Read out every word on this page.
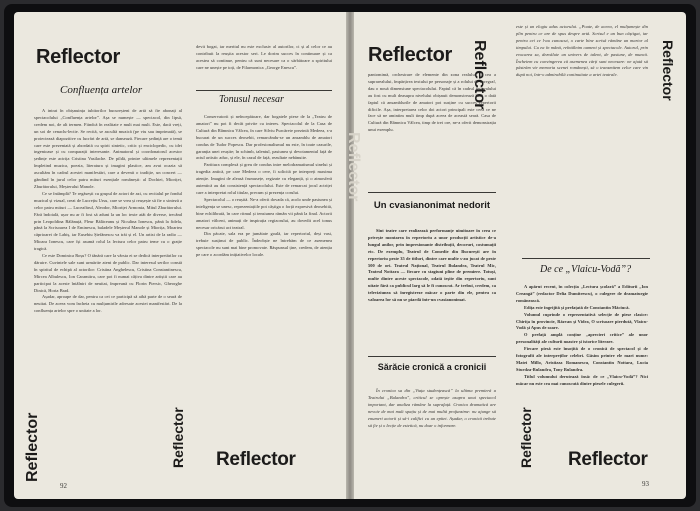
Reflector
Confluența artelor

A intrat în obișnuința iubitorilor bucureșteni de artă să fie abonați al spectacolului „Confluența artelor”. Așa se numește — spectacol, din lipsă, credem noi, de alt termen. Fiindcă în realitate e mult mai mult. Este, dacă vreți, un soi de cenaclu-lectie. Se recită, se ascultă muzică (pe viu sau imprimată), se proiectează diapozitive cu lucrări de artă, se dansează. Fiecare ședință are o temă care este prezentată și abordată cu spirit sintetic, critic și enciclopedic, cu idei ingenioase și cu comparații interesante. Animatorul și coordonatorul acestor ședințe este actrița Cristina Vasilache. De pildă, printre ultimele reprezentații împletind muzica, poezia, literatura și imagini plastice, am avut ocazia să ascultăm în cadrul acestei manifestări, care a devenit o tradiție, un concert — gândind în jurul celor patru mituri esențiale românești: al Dochiei, Mioriței, Zburătorului, Meșterului Manole.

Ce se întâmplă? Te regăsești cu grupul de actori de azi, cu recitalul pe fondul muzical și vizual, creat de Lucrețiu Ursu, care se vrea și reușește să fie o sinteză a celor patru mituri — Luceafărul, Aleodor, Mioriței Armonia, Mitul Zburătorului. Fără îndoială, ușor nu ar fi fost să aduni la un loc texte atât de diverse, trecând prin Leopoldina Bălănuță, Fleur Bălăceanu și Niculina Ionescu, până la fidela, până la Scrisoarea I de Eminescu, baladele Meșterul Manole și Miorița, Moartea căprioarei de Labiș, iar Eusebiu Ștefănescu va trăi și el. Un artist de la radio — Mioara Ionescu, care își asumă rolul la lectura celor patru teme cu o grație tragică.

Ce este Dominica Roșu? O tânără care la vârsta ei se dedică interpretărilor cu dăruire. Cuvintele sale sunt urmărite atent de public. Dar interesul serilor constă în spiritul de echipă al actorilor: Cristina Anghelescu, Cristina Constantinescu, Mircea Albulescu, Ion Caramitru, care pot fi numai câțiva dintre artiștii care au participat la aceste întâlniri de neuitat, împreună cu Florin Piersic, Gheorghe Dinică, Horia Brad.

Așadar, aproape de dar, pentru ca cei ce participă să aibă parte de o seară de neuitat. De aceea vom încheia cu mulțumirile adresate acestei manifestări. De la confluența artelor spre o unitate a lor.

devit bogat, iar meritul nu este exclusiv al autorilor, ci și al celor ce au contribuit la reușita acestor seri. Le dorim succes în continuare și ca acestea să continue, pentru că sunt necesare ca o sărbătoare a spiritului care ne unește pe toți, de Filarmonica „George Enescu”.

Tonusul necesar

Conservatorii și neîncepătoare, dar bogatele piese de la „Teatru de amatori” nu pot fi decât privite cu interes. Spectacolul de la Casa de Cultură din Râmnicu Vâlcea, în care Silviu Purcărete prezintă Medeea, s-a bucurat de un succes deosebit, remarcându-se un ansamblu de amatori condus de Tudor Popescu. Dar profesionalismul nu este, în toate cazurile, garanția unei reușite; în schimb, talentul, pasiunea și devotamentul față de actul artistic aduc, și ele, în cazul de față, rezultate nebănuite.

Partitura complexă și greu de condus intre melodramatismul sinelui și tragedia antică, pe care Medeea o cere, îi solicită pe interpreți maxima atenție. Imagini de aleasă frumusețe, regizate cu eleganță, și o atmosferă autentică au dat consistență spectacolului. Este de remarcat jocul actriței care a interpretat rolul titular, precum și prezența corului.

Spectacolul — o reușită. Ne-a oferit dovada că, acolo unde pasiunea și inteligența se unesc, reprezentațiile pot câștiga o forță expresivă deosebită, bine echilibrată, în care ritmul și tensiunea rămân vii până la final. Actorii amatori vâlceni, animați de inspirația regizorului, au dovedit acel tonus necesar oricărui act teatral.

Din păcate, sala era pe jumătate goală, iar repertoriul, deși vast, trebuie susținut de public. Îndeobște ne întrebăm de ce asemenea spectacole nu sunt mai bine promovate. Răspunsul ține, credem, de atenția pe care o acordăm inițiativelor locale.

Reflector	Reflector Reflector
92
Reflector
Reflector Reflector	Reflector

pantomimă, orchestrare de elemente din zona realului și cea a suprarealului, împărțirea textului pe personaje și a rolului de coregraf, dau o nouă dimensiune spectacolului. Faptul că în cadrul festivalului au fost cu mult deasupra nivelului obișnuit demonstrează încă o dată faptul că ansamblurile de amatori pot susține cu succes repertorii dificile. Așa, interpretarea celor doi actori principali este ceea ce ne face să ne amintim mult timp după aceea de această seară. Casa de Cultură din Râmnicu Vâlcea, timp de trei ore, ne-a oferit demonstrația unui exemplu.

Un cvasianonimat nedorit

Sînt teatre care realizează performanțe uimitoare în ceea ce privește montarea în repertoriu a unor producții artistice de-a lungul anilor, prin impresionante distribuții, decoruri, costumații etc. De exemplu, Teatrul de Comedie din București are în repertoriu peste 35 de titluri, dintre care multe s-au jucat de peste 500 de ori. Teatrul Național, Teatrul Bulandra, Teatrul Mic, Teatrul Nottara — fiecare cu stagiuni pline de premiere. Totuși, multe dintre aceste spectacole, odată ieșite din repertoriu, sunt uitate fără ca publicul larg să le fi cunoscut. Ar trebui, credem, ca televiziunea să înregistreze măcar o parte din ele, pentru ca valoarea lor să nu se piardă într-un cvasianonimat.

Sărăcie cronică a cronicii

În cronica sa din „Viața studențească” la ultima premieră a Teatrului „Bulandra”, criticul se oprește asupra unui spectacol important, dar analiza rămâne la suprafață. Cronica dramatică are nevoie de mai mult spațiu și de mai multă profunzime: nu ajunge să enumeri actorii și să-i califici cu un epitet. Așadar, o cronică trebuie să fie și o lecție de estetică, nu doar o informare.

este și un elogiu adus actorului. „Poate, de aceea, el mulțumește din plin pentru ce are de spus despre artă. Scrisul e un bun câștigat, iar pentru cei ce l-au cunoscut, o carte bine scrisă rămâne un martor al timpului. Cu ea în mână, reîntâlnim oameni și spectacole. Autorul, prin evocarea sa, dezvăluie un univers de talent, de pasiune, de muncă. Încheiem cu convingerea că asemenea cărți sunt necesare: ne ajută să păstrăm vie memoria scenei românești, să o transmitem celor care vin după noi, într-o admirabilă continuitate a artei teatrale.

De ce „Vlaicu-Vodă”?

A apărut recent, în colecția „Lectura școlară” a Editurii „Ion Creangă” (redactor Delia Dumitrescu), o culegere de dramaturgie românească.

Edița este îngrijită și prefațată de Constantin Măciucă.

Volumul cuprinde o reprezentativă selecție de piese clasice: Chirița în provincie, Răzvan și Vidra, O scrisoare pierdută, Vlaicu-Vodă și Apus de soare.

O prefață amplă conține „aprecieri critice” ale unor personalități ale culturii noastre și istorice literare.

Fiecare piesă este însoțită de o cronică de spectacol și de fotografii ale interpreților celebri. Găsim printre ele mari nume: Matei Millo, Aristizza Romanescu, Constantin Nottara, Lucia Sturdza-Bulandra, Tony Bulandra.

Titlul volumului derutează însă: de ce „Vlaicu-Vodă”? Nici măcar nu este cea mai cunoscută dintre piesele culegerii.

Reflector Reflector
93
